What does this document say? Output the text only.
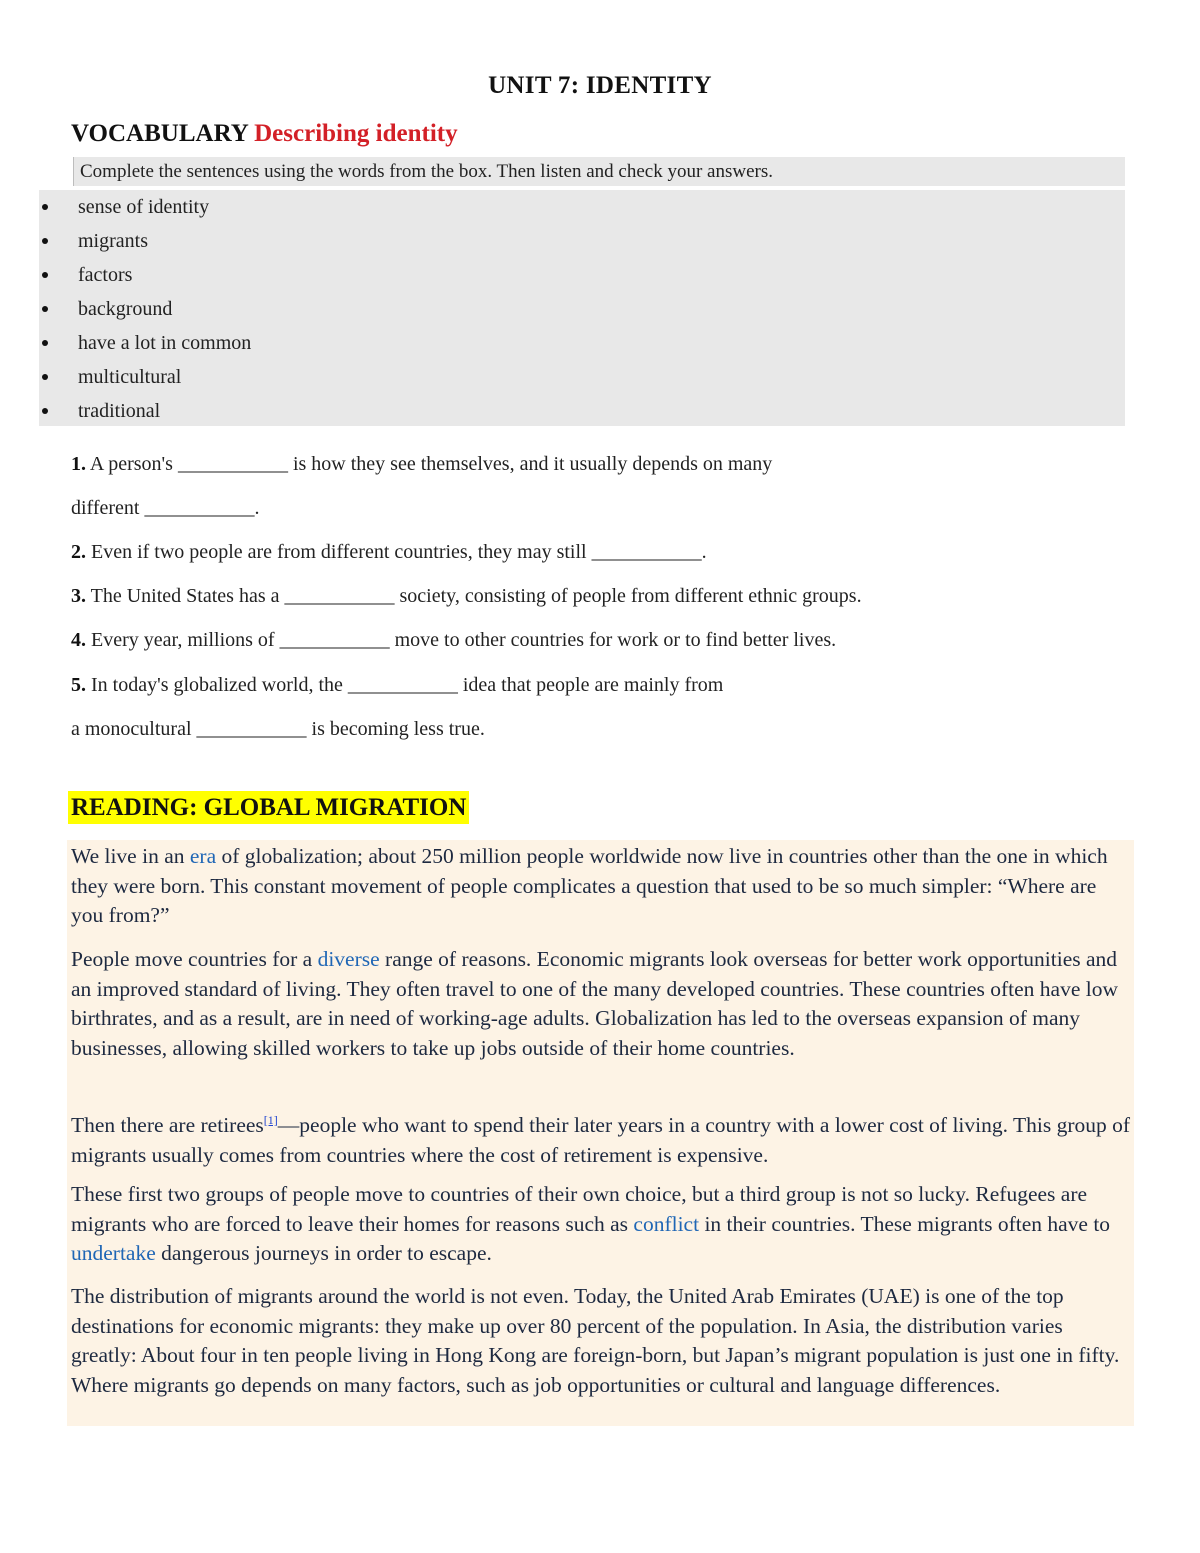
UNIT 7: IDENTITY
VOCABULARY Describing identity
Complete the sentences using the words from the box. Then listen and check your answers.
sense of identity
migrants
factors
background
have a lot in common
multicultural
traditional
1. A person's ___________ is how they see themselves, and it usually depends on many
different ___________.
2. Even if two people are from different countries, they may still ___________.
3. The United States has a ___________ society, consisting of people from different ethnic groups.
4. Every year, millions of ___________ move to other countries for work or to find better lives.
5. In today's globalized world, the ___________ idea that people are mainly from
a monocultural ___________ is becoming less true.
READING: GLOBAL MIGRATION
We live in an era of globalization; about 250 million people worldwide now live in countries other than the one in which they were born. This constant movement of people complicates a question that used to be so much simpler: “Where are you from?”
People move countries for a diverse range of reasons. Economic migrants look overseas for better work opportunities and an improved standard of living. They often travel to one of the many developed countries. These countries often have low birthrates, and as a result, are in need of working-age adults. Globalization has led to the overseas expansion of many businesses, allowing skilled workers to take up jobs outside of their home countries.
Then there are retirees[1]—people who want to spend their later years in a country with a lower cost of living. This group of migrants usually comes from countries where the cost of retirement is expensive.
These first two groups of people move to countries of their own choice, but a third group is not so lucky. Refugees are migrants who are forced to leave their homes for reasons such as conflict in their countries. These migrants often have to undertake dangerous journeys in order to escape.
The distribution of migrants around the world is not even. Today, the United Arab Emirates (UAE) is one of the top destinations for economic migrants: they make up over 80 percent of the population. In Asia, the distribution varies greatly: About four in ten people living in Hong Kong are foreign-born, but Japan’s migrant population is just one in fifty. Where migrants go depends on many factors, such as job opportunities or cultural and language differences.
